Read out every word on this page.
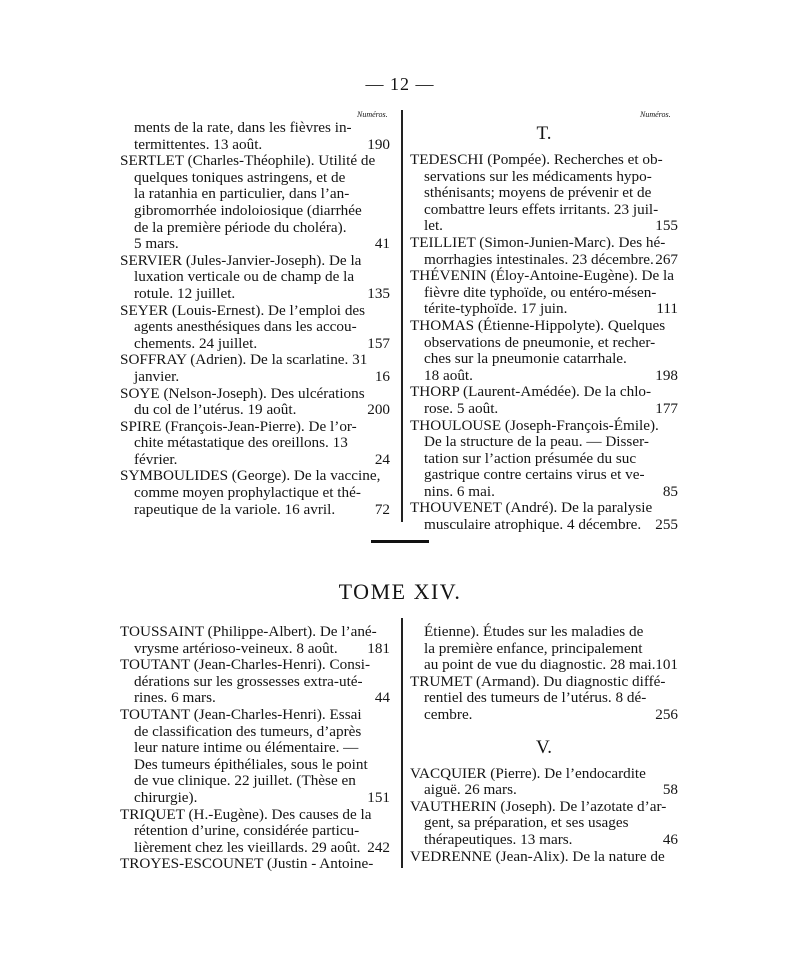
— 12 —
Numéros.	Numéros.
ments de la rate, dans les fièvres in-
termittentes. 13 août.	190
SERTLET (Charles-Théophile). Utilité de
quelques toniques astringens, et de
la ratanhia en particulier, dans l’an-
gibromorrhée indoloiosique (diarrhée
de la première période du choléra).
5 mars.	41
SERVIER (Jules-Janvier-Joseph). De la
luxation verticale ou de champ de la
rotule. 12 juillet.	135
SEYER (Louis-Ernest). De l’emploi des
agents anesthésiques dans les accou-
chements. 24 juillet.	157
SOFFRAY (Adrien). De la scarlatine. 31
janvier.	16
SOYE (Nelson-Joseph). Des ulcérations
du col de l’utérus. 19 août.	200
SPIRE (François-Jean-Pierre). De l’or-
chite métastatique des oreillons. 13
février.	24
SYMBOULIDES (George). De la vaccine,
comme moyen prophylactique et thé-
rapeutique de la variole. 16 avril.	72
T.
TEDESCHI (Pompée). Recherches et ob-
servations sur les médicaments hypo-
sthénisants; moyens de prévenir et de
combattre leurs effets irritants. 23 juil-
let.	155
TEILLIET (Simon-Junien-Marc). Des hé-
morrhagies intestinales. 23 décembre. 267
THÉVENIN (Éloy-Antoine-Eugène). De la
fièvre dite typhoïde, ou entéro-mésen-
térite-typhoïde. 17 juin.	111
THOMAS (Étienne-Hippolyte). Quelques
observations de pneumonie, et recher-
ches sur la pneumonie catarrhale.
18 août.	198
THORP (Laurent-Amédée). De la chlo-
rose. 5 août.	177
THOULOUSE (Joseph-François-Émile).
De la structure de la peau. — Disser-
tation sur l’action présumée du suc
gastrique contre certains virus et ve-
nins. 6 mai.	85
THOUVENET (André). De la paralysie
musculaire atrophique. 4 décembre. 255
TOME XIV.
TOUSSAINT (Philippe-Albert). De l’ané-
vrysme artérioso-veineux. 8 août.	181
TOUTANT (Jean-Charles-Henri). Consi-
dérations sur les grossesses extra-uté-
rines. 6 mars.	44
TOUTANT (Jean-Charles-Henri). Essai
de classification des tumeurs, d’après
leur nature intime ou élémentaire. —
Des tumeurs épithéliales, sous le point
de vue clinique. 22 juillet. (Thèse en
chirurgie).	151
TRIQUET (H.-Eugène). Des causes de la
rétention d’urine, considérée particu-
lièrement chez les vieillards. 29 août. 242
TROYES-ESCOUNET (Justin - Antoine-
Étienne). Études sur les maladies de
la première enfance, principalement
au point de vue du diagnostic. 28 mai. 101
TRUMET (Armand). Du diagnostic diffé-
rentiel des tumeurs de l’utérus. 8 dé-
cembre.	256
V.
VACQUIER (Pierre). De l’endocardite
aiguë. 26 mars.	58
VAUTHERIN (Joseph). De l’azotate d’ar-
gent, sa préparation, et ses usages
thérapeutiques. 13 mars.	46
VEDRENNE (Jean-Alix). De la nature de
